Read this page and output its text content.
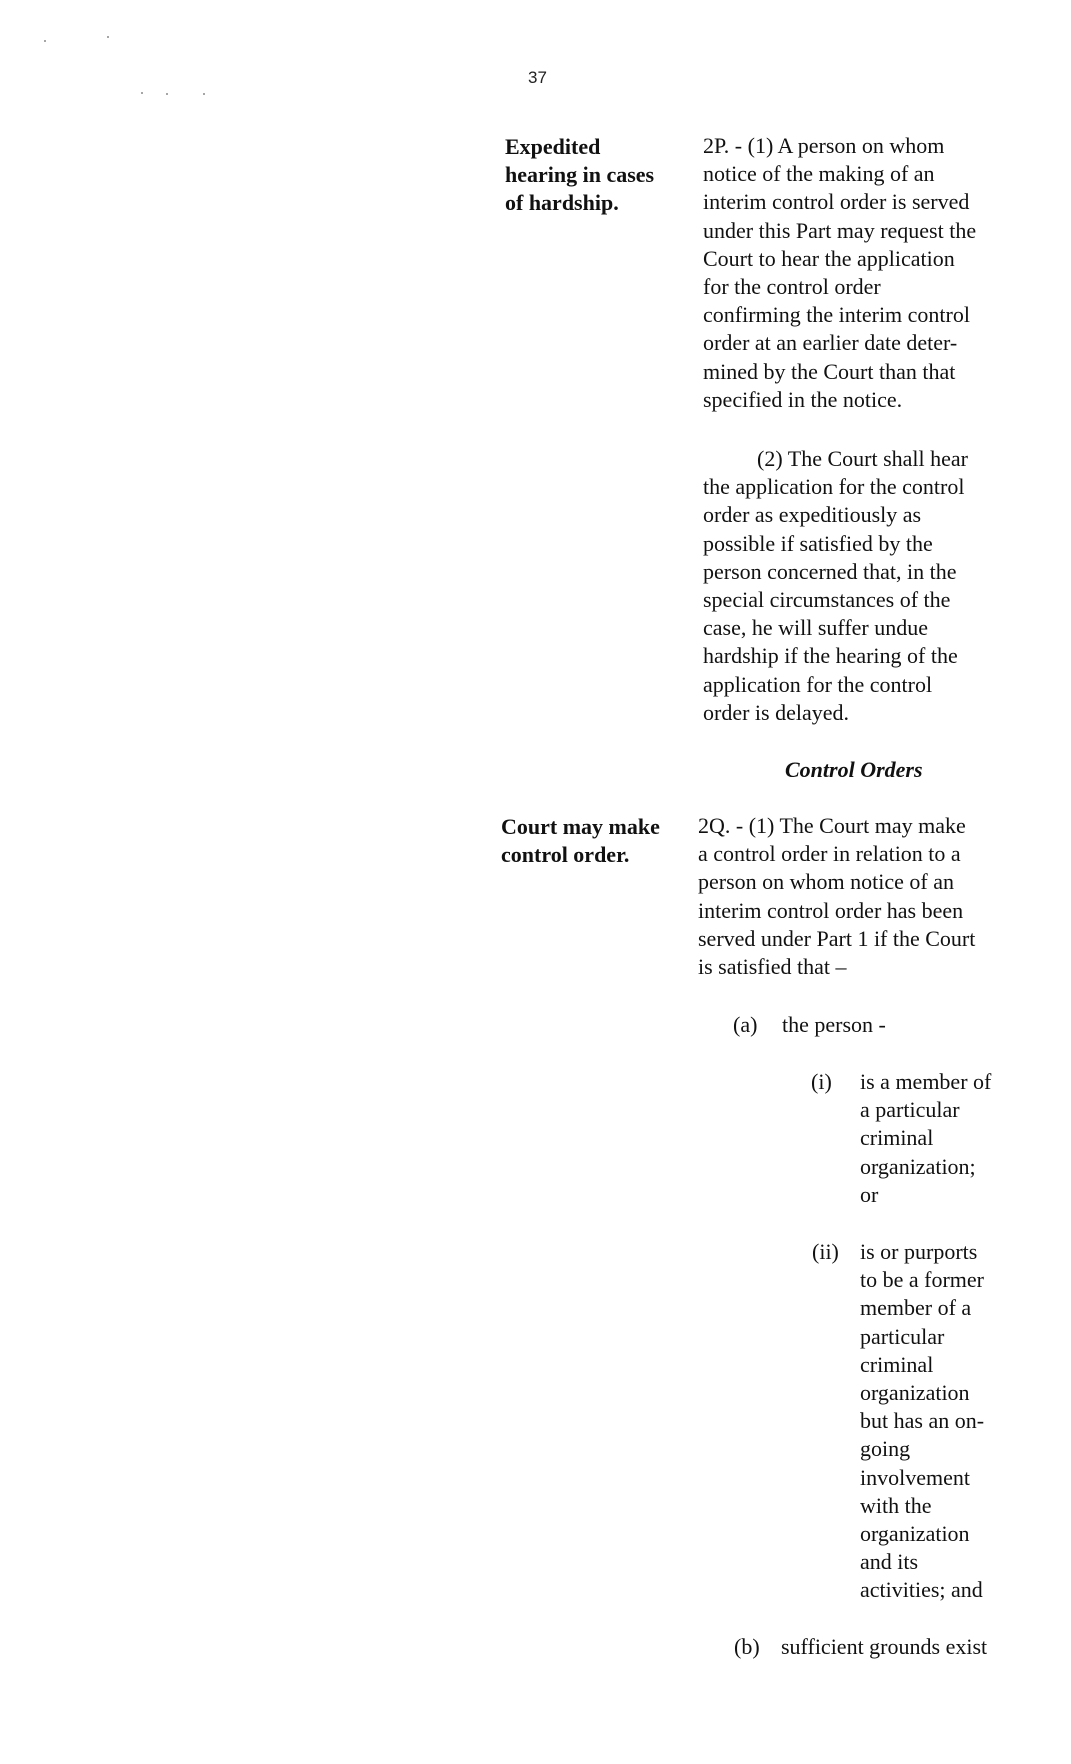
37
Expedited
hearing in cases
of hardship.
2P. - (1) A person on whom
notice of the making of an
interim control order is served
under this Part may request the
Court to hear the application
for the control order
confirming the interim control
order at an earlier date deter-
mined by the Court than that
specified in the notice.
(2) The Court shall hear
the application for the control
order as expeditiously as
possible if satisfied by the
person concerned that, in the
special circumstances of the
case, he will suffer undue
hardship if the hearing of the
application for the control
order is delayed.
Control Orders
Court may make
control order.
2Q. - (1) The Court may make
a control order in relation to a
person on whom notice of an
interim control order has been
served under Part 1 if the Court
is satisfied that –
(a) the person -
(i) is a member of
a particular
criminal
organization;
or
(ii) is or purports
to be a former
member of a
particular
criminal
organization
but has an on-
going
involvement
with the
organization
and its
activities; and
(b) sufficient grounds exist
